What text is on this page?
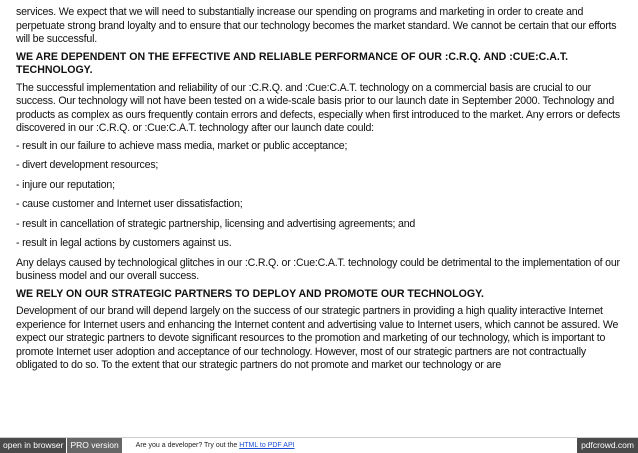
services. We expect that we will need to substantially increase our spending on programs and marketing in order to create and perpetuate strong brand loyalty and to ensure that our technology becomes the market standard. We cannot be certain that our efforts will be successful.

WE ARE DEPENDENT ON THE EFFECTIVE AND RELIABLE PERFORMANCE OF OUR :C.R.Q. AND :CUE:C.A.T. TECHNOLOGY.

The successful implementation and reliability of our :C.R.Q. and :Cue:C.A.T. technology on a commercial basis are crucial to our success. Our technology will not have been tested on a wide-scale basis prior to our launch date in September 2000. Technology and products as complex as ours frequently contain errors and defects, especially when first introduced to the market. Any errors or defects discovered in our :C.R.Q. or :Cue:C.A.T. technology after our launch date could:

- result in our failure to achieve mass media, market or public acceptance;

- divert development resources;

- injure our reputation;

- cause customer and Internet user dissatisfaction;

- result in cancellation of strategic partnership, licensing and advertising agreements; and

- result in legal actions by customers against us.

Any delays caused by technological glitches in our :C.R.Q. or :Cue:C.A.T. technology could be detrimental to the implementation of our business model and our overall success.

WE RELY ON OUR STRATEGIC PARTNERS TO DEPLOY AND PROMOTE OUR TECHNOLOGY.

Development of our brand will depend largely on the success of our strategic partners in providing a high quality interactive Internet experience for Internet users and enhancing the Internet content and advertising value to Internet users, which cannot be assured. We expect our strategic partners to devote significant resources to the promotion and marketing of our technology, which is important to promote Internet user adoption and acceptance of our technology. However, most of our strategic partners are not contractually obligated to do so. To the extent that our strategic partners do not promote and market our technology or are

open in browser PRO version	Are you a developer? Try out the HTML to PDF API	pdfcrowd.com
